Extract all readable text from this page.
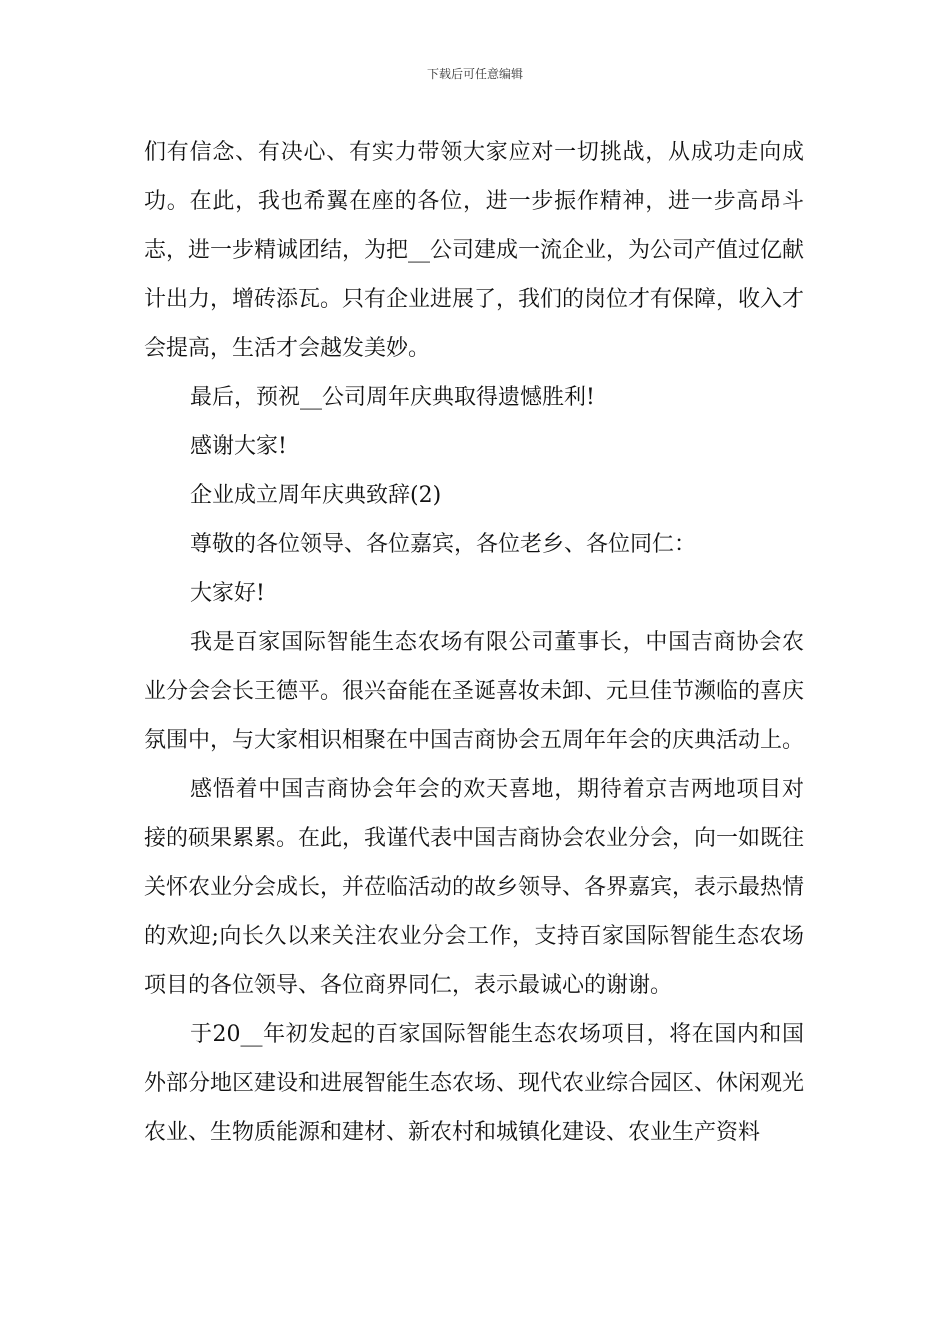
下载后可任意编辑

们有信念、有决心、有实力带领大家应对一切挑战，从成功走向成功。在此，我也希翼在座的各位，进一步振作精神，进一步高昂斗志，进一步精诚团结，为把__公司建成一流企业，为公司产值过亿献计出力，增砖添瓦。只有企业进展了，我们的岗位才有保障，收入才会提高，生活才会越发美妙。

最后，预祝__公司周年庆典取得遗憾胜利!

感谢大家!

企业成立周年庆典致辞(2)

尊敬的各位领导、各位嘉宾，各位老乡、各位同仁：

大家好!

我是百家国际智能生态农场有限公司董事长，中国吉商协会农业分会会长王德平。很兴奋能在圣诞喜妆未卸、元旦佳节濒临的喜庆氛围中，与大家相识相聚在中国吉商协会五周年年会的庆典活动上。

感悟着中国吉商协会年会的欢天喜地，期待着京吉两地项目对接的硕果累累。在此，我谨代表中国吉商协会农业分会，向一如既往关怀农业分会成长，并莅临活动的故乡领导、各界嘉宾，表示最热情的欢迎;向长久以来关注农业分会工作，支持百家国际智能生态农场项目的各位领导、各位商界同仁，表示最诚心的谢谢。

于20__年初发起的百家国际智能生态农场项目，将在国内和国外部分地区建设和进展智能生态农场、现代农业综合园区、休闲观光农业、生物质能源和建材、新农村和城镇化建设、农业生产资料
